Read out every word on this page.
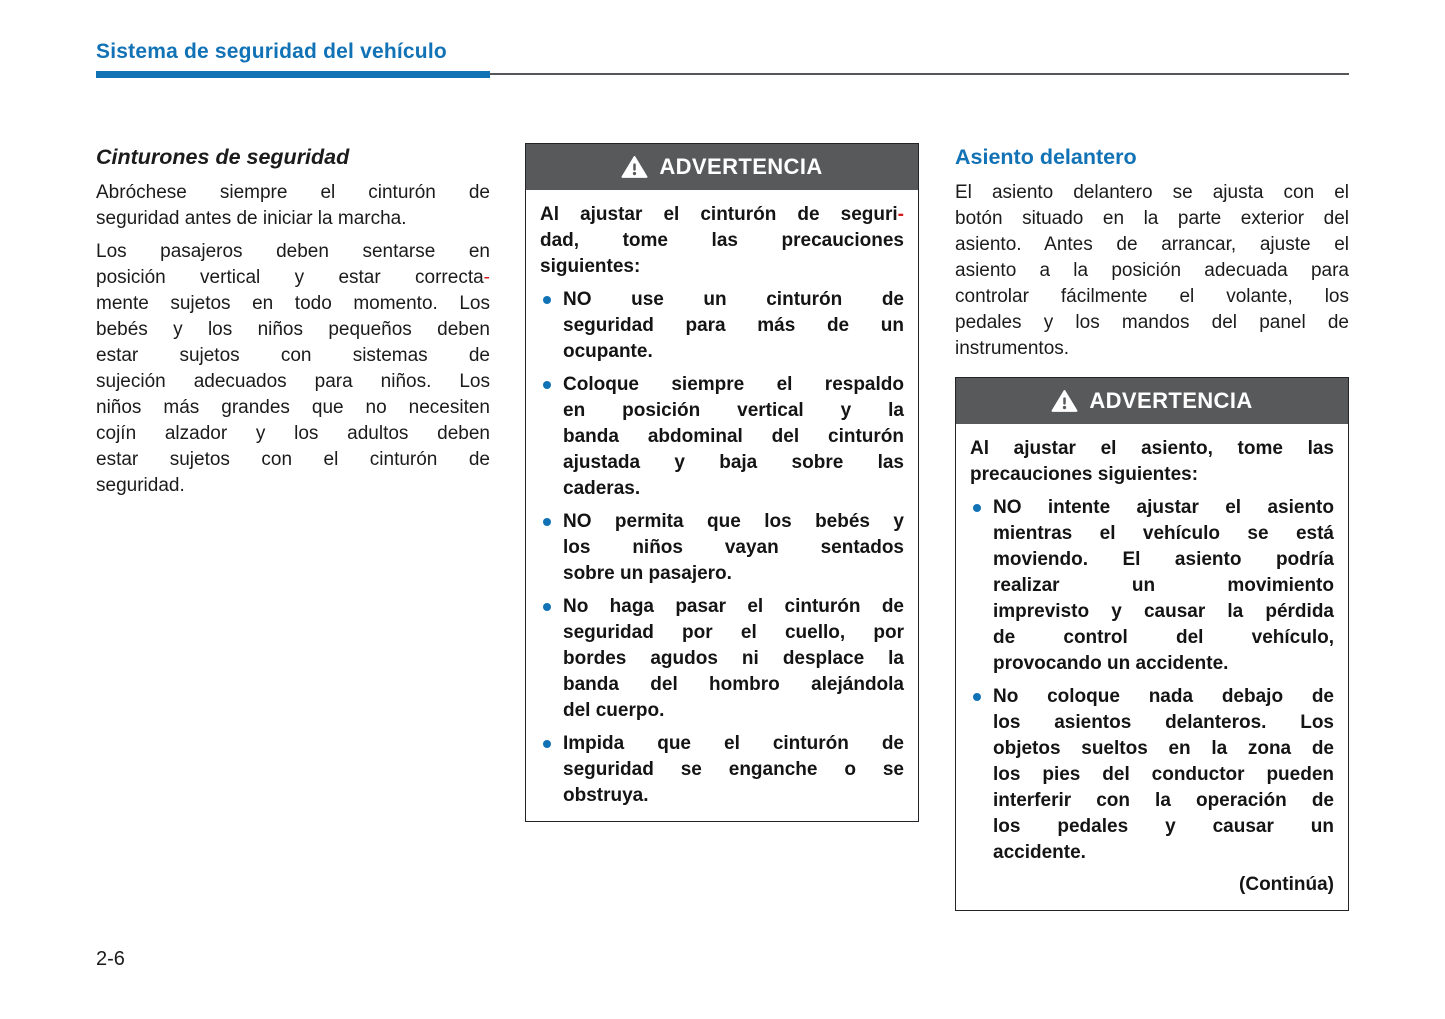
Sistema de seguridad del vehículo
Cinturones de seguridad
Abróchese siempre el cinturón de
seguridad antes de iniciar la marcha.
Los pasajeros deben sentarse en
posición vertical y estar correcta-
mente sujetos en todo momento. Los
bebés y los niños pequeños deben
estar sujetos con sistemas de
sujeción adecuados para niños. Los
niños más grandes que no necesiten
cojín alzador y los adultos deben
estar sujetos con el cinturón de
seguridad.
ADVERTENCIA
Al ajustar el cinturón de seguri-
dad, tome las precauciones
siguientes:
NO use un cinturón de
seguridad para más de un
ocupante.
Coloque siempre el respaldo
en posición vertical y la
banda abdominal del cinturón
ajustada y baja sobre las
caderas.
NO permita que los bebés y
los niños vayan sentados
sobre un pasajero.
No haga pasar el cinturón de
seguridad por el cuello, por
bordes agudos ni desplace la
banda del hombro alejándola
del cuerpo.
Impida que el cinturón de
seguridad se enganche o se
obstruya.
Asiento delantero
El asiento delantero se ajusta con el
botón situado en la parte exterior del
asiento. Antes de arrancar, ajuste el
asiento a la posición adecuada para
controlar fácilmente el volante, los
pedales y los mandos del panel de
instrumentos.
ADVERTENCIA
Al ajustar el asiento, tome las
precauciones siguientes:
NO intente ajustar el asiento
mientras el vehículo se está
moviendo. El asiento podría
realizar un movimiento
imprevisto y causar la pérdida
de control del vehículo,
provocando un accidente.
No coloque nada debajo de
los asientos delanteros. Los
objetos sueltos en la zona de
los pies del conductor pueden
interferir con la operación de
los pedales y causar un
accidente.
(Continúa)
2-6
